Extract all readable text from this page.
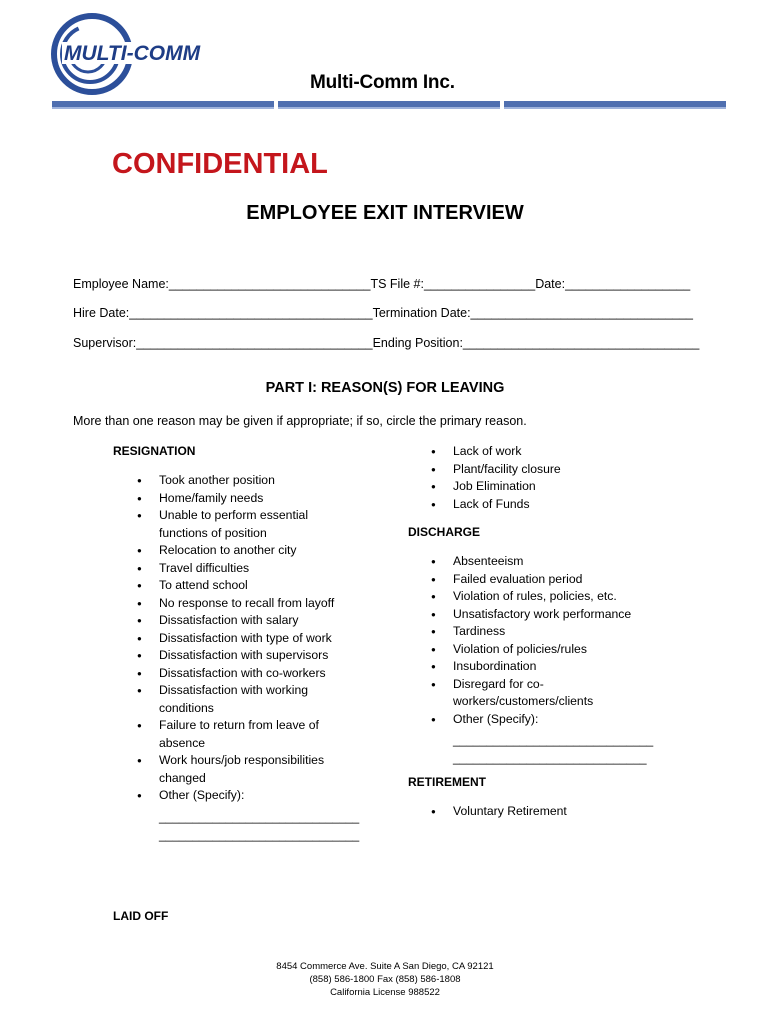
MULTI-COMM
Multi-Comm Inc.
CONFIDENTIAL
EMPLOYEE EXIT INTERVIEW
Employee Name:_____________________________TS File #:________________Date:__________________
Hire Date:___________________________________Termination Date:________________________________
Supervisor:__________________________________Ending Position:__________________________________
PART I: REASON(S) FOR LEAVING
More than one reason may be given if appropriate; if so, circle the primary reason.
RESIGNATION
● Took another position
● Home/family needs
● Unable to perform essential functions of position
● Relocation to another city
● Travel difficulties
● To attend school
● No response to recall from layoff
● Dissatisfaction with salary
● Dissatisfaction with type of work
● Dissatisfaction with supervisors
● Dissatisfaction with co-workers
● Dissatisfaction with working conditions
● Failure to return from leave of absence
● Work hours/job responsibilities changed
● Other (Specify):
______________________________
______________________________
LAID OFF
● Lack of work
● Plant/facility closure
● Job Elimination
● Lack of Funds
DISCHARGE
● Absenteeism
● Failed evaluation period
● Violation of rules, policies, etc.
● Unsatisfactory work performance
● Tardiness
● Violation of policies/rules
● Insubordination
● Disregard for co-workers/customers/clients
● Other (Specify):
______________________________
_____________________________
RETIREMENT
● Voluntary Retirement
8454 Commerce Ave. Suite A San Diego, CA 92121
(858) 586-1800 Fax (858) 586-1808
California License 988522
